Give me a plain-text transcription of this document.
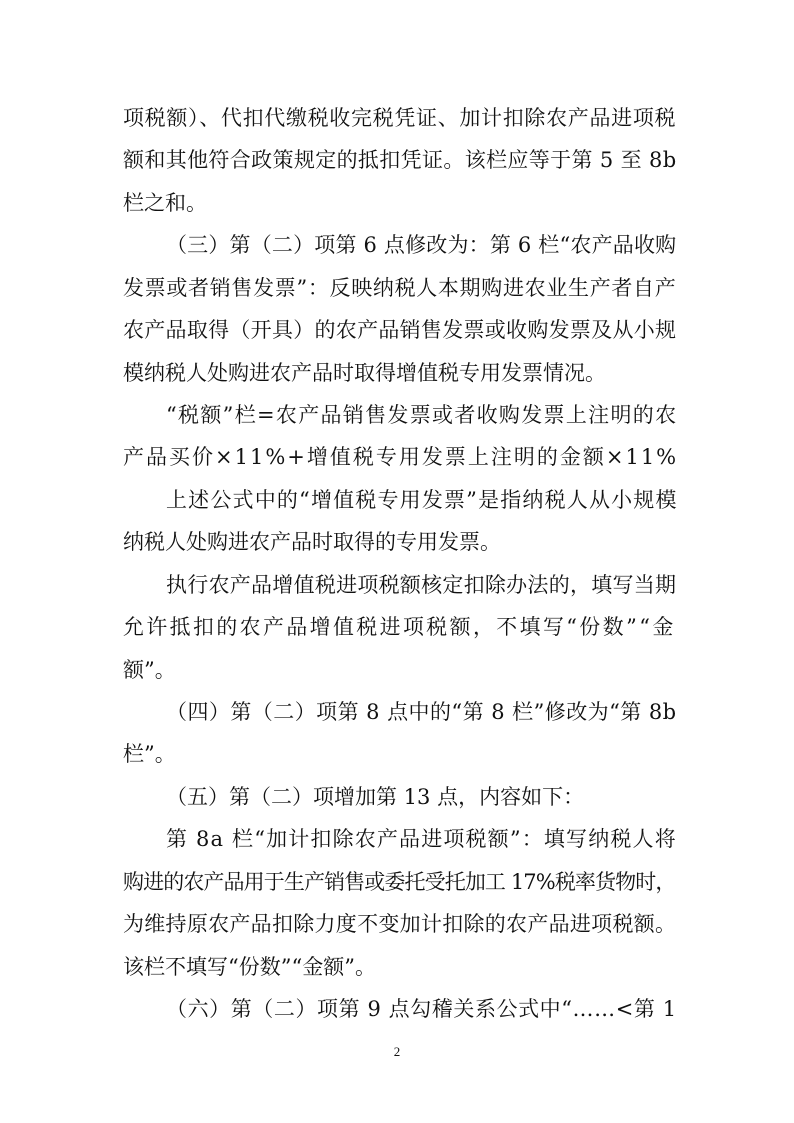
项税额）、代扣代缴税收完税凭证、加计扣除农产品进项税
额和其他符合政策规定的抵扣凭证。该栏应等于第 5 至 8b
栏之和。
（三）第（二）项第 6 点修改为：第 6 栏“农产品收购
发票或者销售发票”：反映纳税人本期购进农业生产者自产
农产品取得（开具）的农产品销售发票或收购发票及从小规
模纳税人处购进农产品时取得增值税专用发票情况。
“税额”栏=农产品销售发票或者收购发票上注明的农
产品买价×11%+增值税专用发票上注明的金额×11%
上述公式中的“增值税专用发票”是指纳税人从小规模
纳税人处购进农产品时取得的专用发票。
执行农产品增值税进项税额核定扣除办法的，填写当期
允许抵扣的农产品增值税进项税额，不填写“份数”“金
额”。
（四）第（二）项第 8 点中的“第 8 栏”修改为“第 8b
栏”。
（五）第（二）项增加第 13 点，内容如下：
第 8a 栏“加计扣除农产品进项税额”：填写纳税人将
购进的农产品用于生产销售或委托受托加工 17%税率货物时，
为维持原农产品扣除力度不变加计扣除的农产品进项税额。
该栏不填写“份数”“金额”。
（六）第（二）项第 9 点勾稽关系公式中“……<第 1
2
